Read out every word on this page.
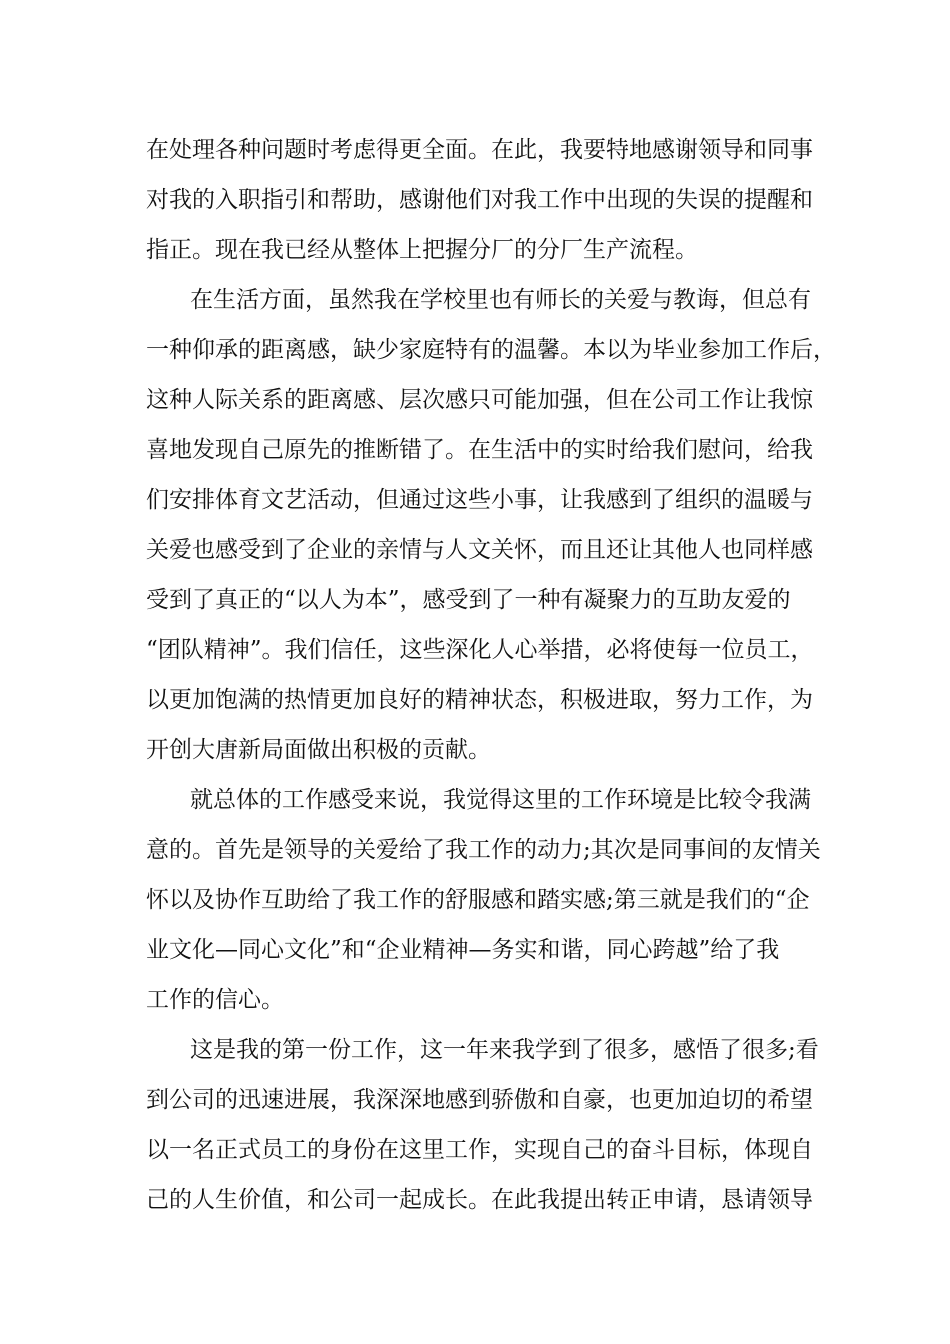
在处理各种问题时考虑得更全面。在此，我要特地感谢领导和同事
对我的入职指引和帮助，感谢他们对我工作中出现的失误的提醒和
指正。现在我已经从整体上把握分厂的分厂生产流程。
在生活方面，虽然我在学校里也有师长的关爱与教诲，但总有
一种仰承的距离感，缺少家庭特有的温馨。本以为毕业参加工作后，
这种人际关系的距离感、层次感只可能加强，但在公司工作让我惊
喜地发现自己原先的推断错了。在生活中的实时给我们慰问，给我
们安排体育文艺活动，但通过这些小事，让我感到了组织的温暖与
关爱也感受到了企业的亲情与人文关怀，而且还让其他人也同样感
受到了真正的“以人为本”，感受到了一种有凝聚力的互助友爱的
“团队精神”。我们信任，这些深化人心举措，必将使每一位员工，
以更加饱满的热情更加良好的精神状态，积极进取，努力工作，为
开创大唐新局面做出积极的贡献。
就总体的工作感受来说，我觉得这里的工作环境是比较令我满
意的。首先是领导的关爱给了我工作的动力;其次是同事间的友情关
怀以及协作互助给了我工作的舒服感和踏实感;第三就是我们的“企
业文化—同心文化”和“企业精神—务实和谐，同心跨越”给了我
工作的信心。
这是我的第一份工作，这一年来我学到了很多，感悟了很多;看
到公司的迅速进展，我深深地感到骄傲和自豪，也更加迫切的希望
以一名正式员工的身份在这里工作，实现自己的奋斗目标，体现自
己的人生价值，和公司一起成长。在此我提出转正申请，恳请领导
